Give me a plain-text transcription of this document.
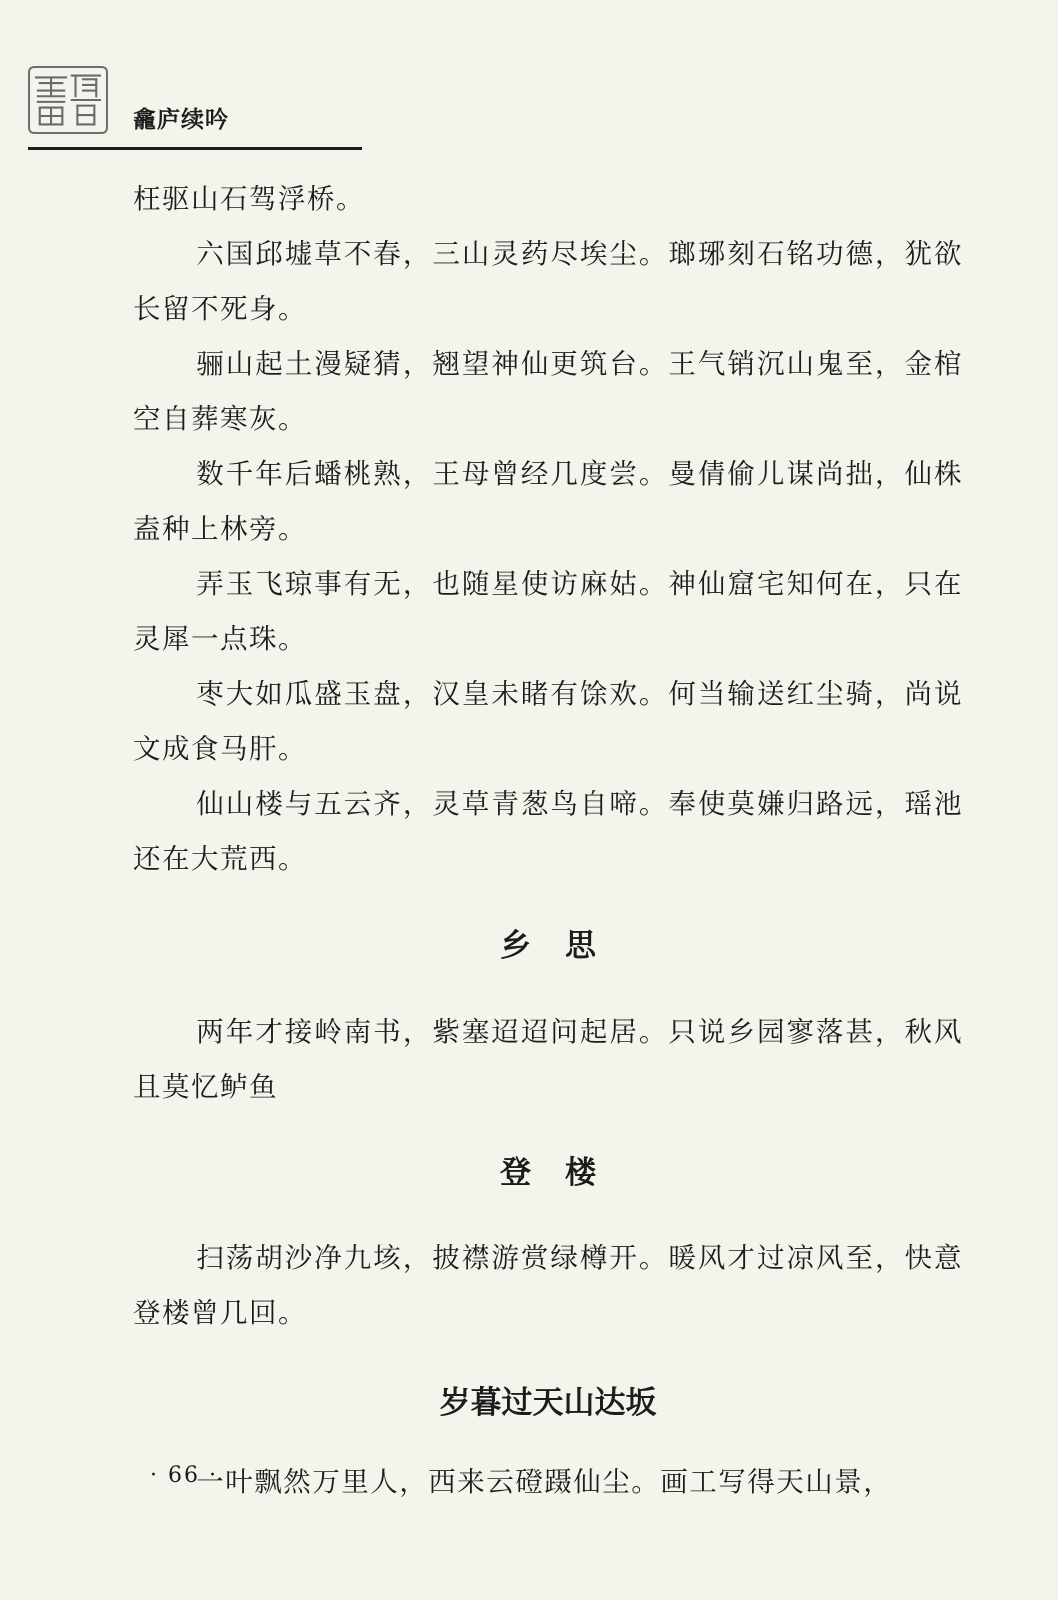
龕庐续吟

枉驱山石驾浮桥。

六国邱墟草不春，三山灵药尽埃尘。瑯琊刻石铭功德，犹欲长留不死身。

骊山起土漫疑猜，翘望神仙更筑台。王气销沉山鬼至，金棺空自葬寒灰。

数千年后蟠桃熟，王母曾经几度尝。曼倩偷儿谋尚拙，仙株盍种上林旁。

弄玉飞琼事有无，也随星使访麻姑。神仙窟宅知何在，只在灵犀一点珠。

枣大如瓜盛玉盘，汉皇未睹有馀欢。何当输送红尘骑，尚说文成食马肝。

仙山楼与五云齐，灵草青葱鸟自啼。奉使莫嫌归路远，瑶池还在大荒西。

乡思

两年才接岭南书，紫塞迢迢问起居。只说乡园寥落甚，秋风且莫忆鲈鱼

登楼

扫荡胡沙净九垓，披襟游赏绿樽开。暖风才过凉风至，快意登楼曾几回。

岁暮过天山达坂

一叶飘然万里人，西来云磴蹑仙尘。画工写得天山景，

· 66 ·
